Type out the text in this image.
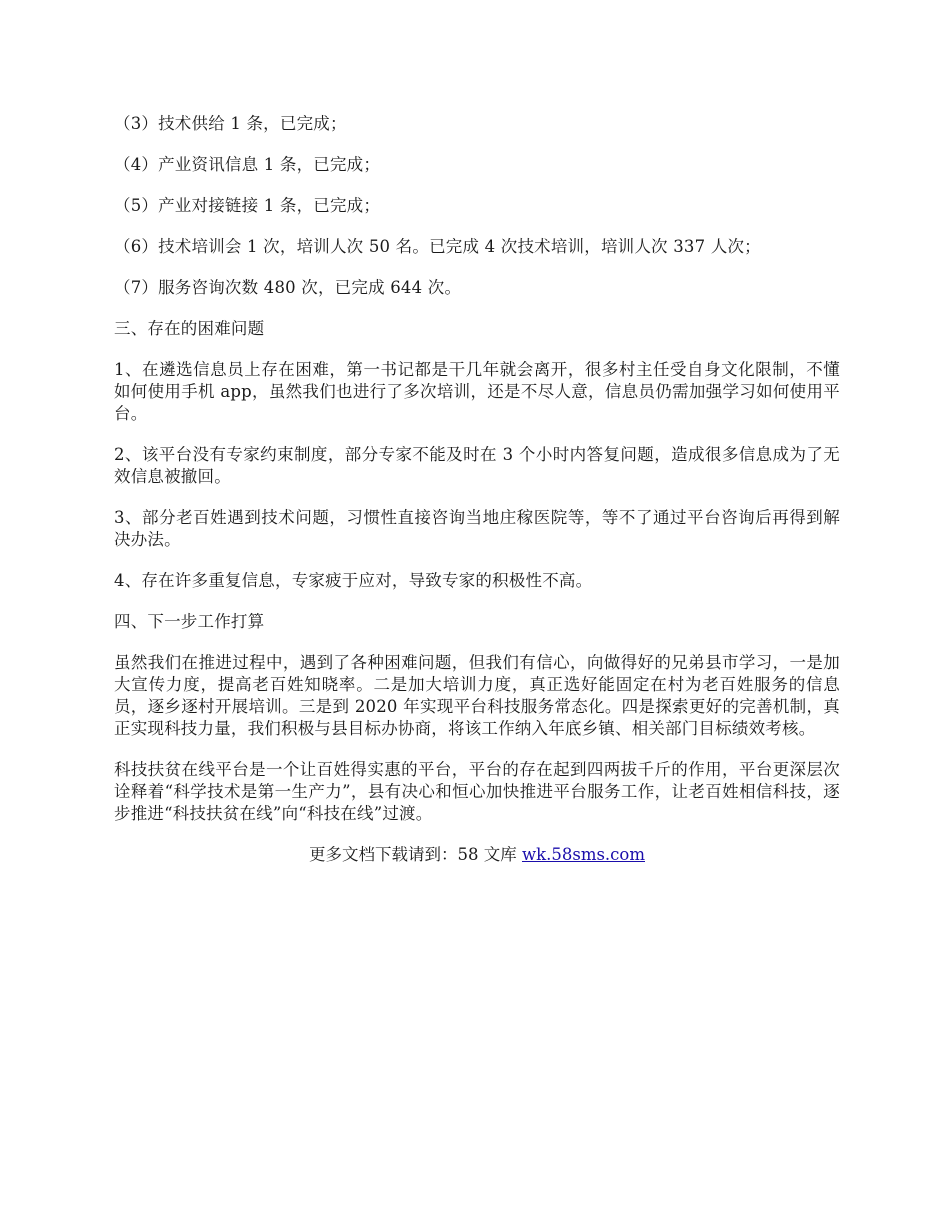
（3）技术供给 1 条，已完成；

（4）产业资讯信息 1 条，已完成；

（5）产业对接链接 1 条，已完成；

（6）技术培训会 1 次，培训人次 50 名。已完成 4 次技术培训，培训人次 337 人次；

（7）服务咨询次数 480 次，已完成 644 次。

三、存在的困难问题

1、在遴选信息员上存在困难，第一书记都是干几年就会离开，很多村主任受自身文化限制，不懂如何使用手机 app，虽然我们也进行了多次培训，还是不尽人意，信息员仍需加强学习如何使用平台。

2、该平台没有专家约束制度，部分专家不能及时在 3 个小时内答复问题，造成很多信息成为了无效信息被撤回。

3、部分老百姓遇到技术问题，习惯性直接咨询当地庄稼医院等，等不了通过平台咨询后再得到解决办法。

4、存在许多重复信息，专家疲于应对，导致专家的积极性不高。

四、下一步工作打算

虽然我们在推进过程中，遇到了各种困难问题，但我们有信心，向做得好的兄弟县市学习，一是加大宣传力度，提高老百姓知晓率。二是加大培训力度，真正选好能固定在村为老百姓服务的信息员，逐乡逐村开展培训。三是到 2020 年实现平台科技服务常态化。四是探索更好的完善机制，真正实现科技力量，我们积极与县目标办协商，将该工作纳入年底乡镇、相关部门目标绩效考核。

科技扶贫在线平台是一个让百姓得实惠的平台，平台的存在起到四两拔千斤的作用，平台更深层次诠释着“科学技术是第一生产力”，县有决心和恒心加快推进平台服务工作，让老百姓相信科技，逐步推进“科技扶贫在线”向“科技在线”过渡。

更多文档下载请到：58 文库 wk.58sms.com
